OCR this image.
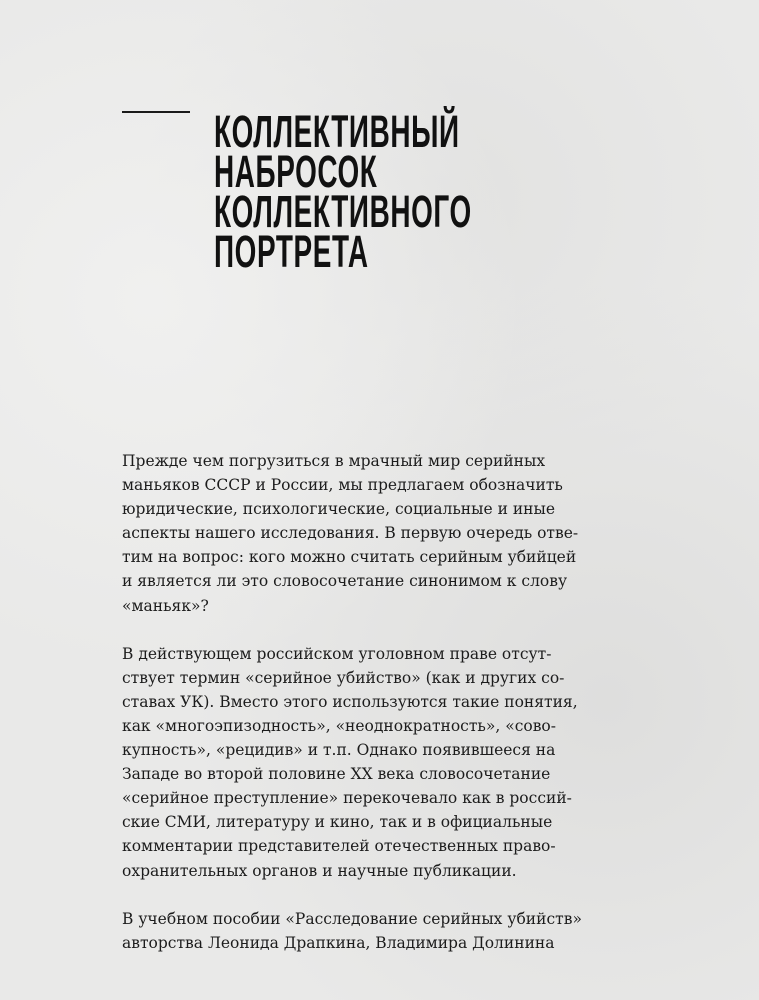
КОЛЛЕКТИВНЫЙ
НАБРОСОК
КОЛЛЕКТИВНОГО
ПОРТРЕТА
Прежде чем погрузиться в мрачный мир серийных
маньяков СССР и России, мы предлагаем обозначить
юридические, психологические, социальные и иные
аспекты нашего исследования. В первую очередь отве-
тим на вопрос: кого можно считать серийным убийцей
и является ли это словосочетание синонимом к слову
«маньяк»?
В действующем российском уголовном праве отсут-
ствует термин «серийное убийство» (как и других со-
ставах УК). Вместо этого используются такие понятия,
как «многоэпизодность», «неоднократность», «сово-
купность», «рецидив» и т.п. Однако появившееся на
Западе во второй половине XX века словосочетание
«серийное преступление» перекочевало как в россий-
ские СМИ, литературу и кино, так и в официальные
комментарии представителей отечественных право-
охранительных органов и научные публикации.
В учебном пособии «Расследование серийных убийств»
авторства Леонида Драпкина, Владимира Долинина
